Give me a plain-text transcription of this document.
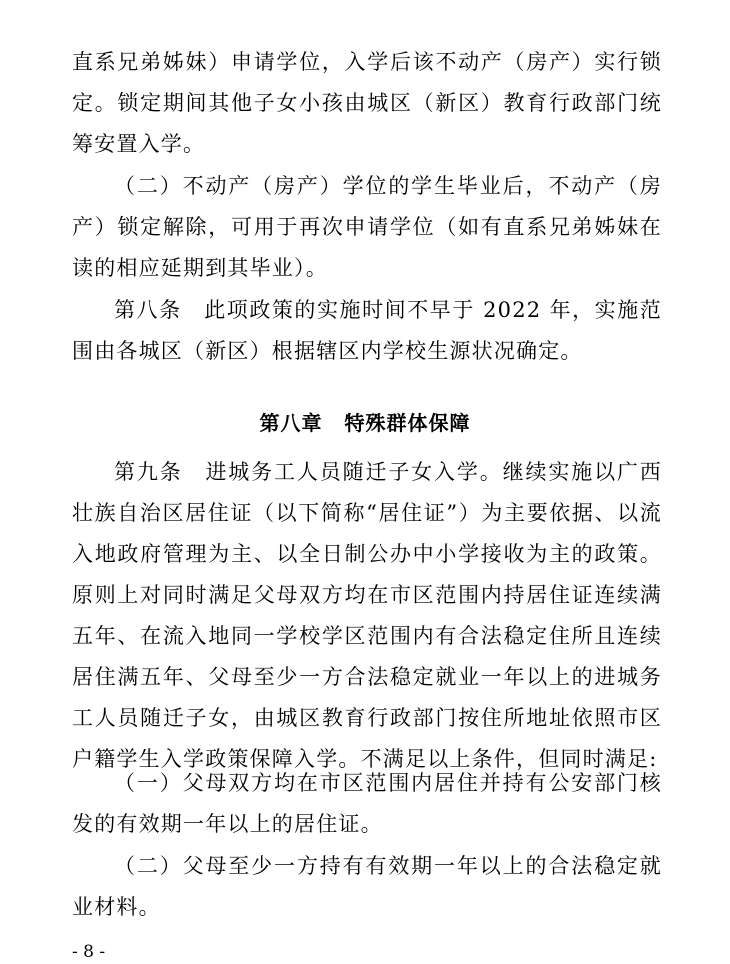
直系兄弟姊妹）申请学位，入学后该不动产（房产）实行锁定。锁定期间其他子女小孩由城区（新区）教育行政部门统筹安置入学。

（二）不动产（房产）学位的学生毕业后，不动产（房产）锁定解除，可用于再次申请学位（如有直系兄弟姊妹在读的相应延期到其毕业）。

第八条　此项政策的实施时间不早于 2022 年，实施范围由各城区（新区）根据辖区内学校生源状况确定。

第八章 特殊群体保障

第九条　进城务工人员随迁子女入学。继续实施以广西壮族自治区居住证（以下简称“居住证”）为主要依据、以流入地政府管理为主、以全日制公办中小学接收为主的政策。原则上对同时满足父母双方均在市区范围内持居住证连续满五年、在流入地同一学校学区范围内有合法稳定住所且连续居住满五年、父母至少一方合法稳定就业一年以上的进城务工人员随迁子女，由城区教育行政部门按住所地址依照市区户籍学生入学政策保障入学。不满足以上条件，但同时满足:

（一）父母双方均在市区范围内居住并持有公安部门核发的有效期一年以上的居住证。

（二）父母至少一方持有有效期一年以上的合法稳定就业材料。

- 8 -
